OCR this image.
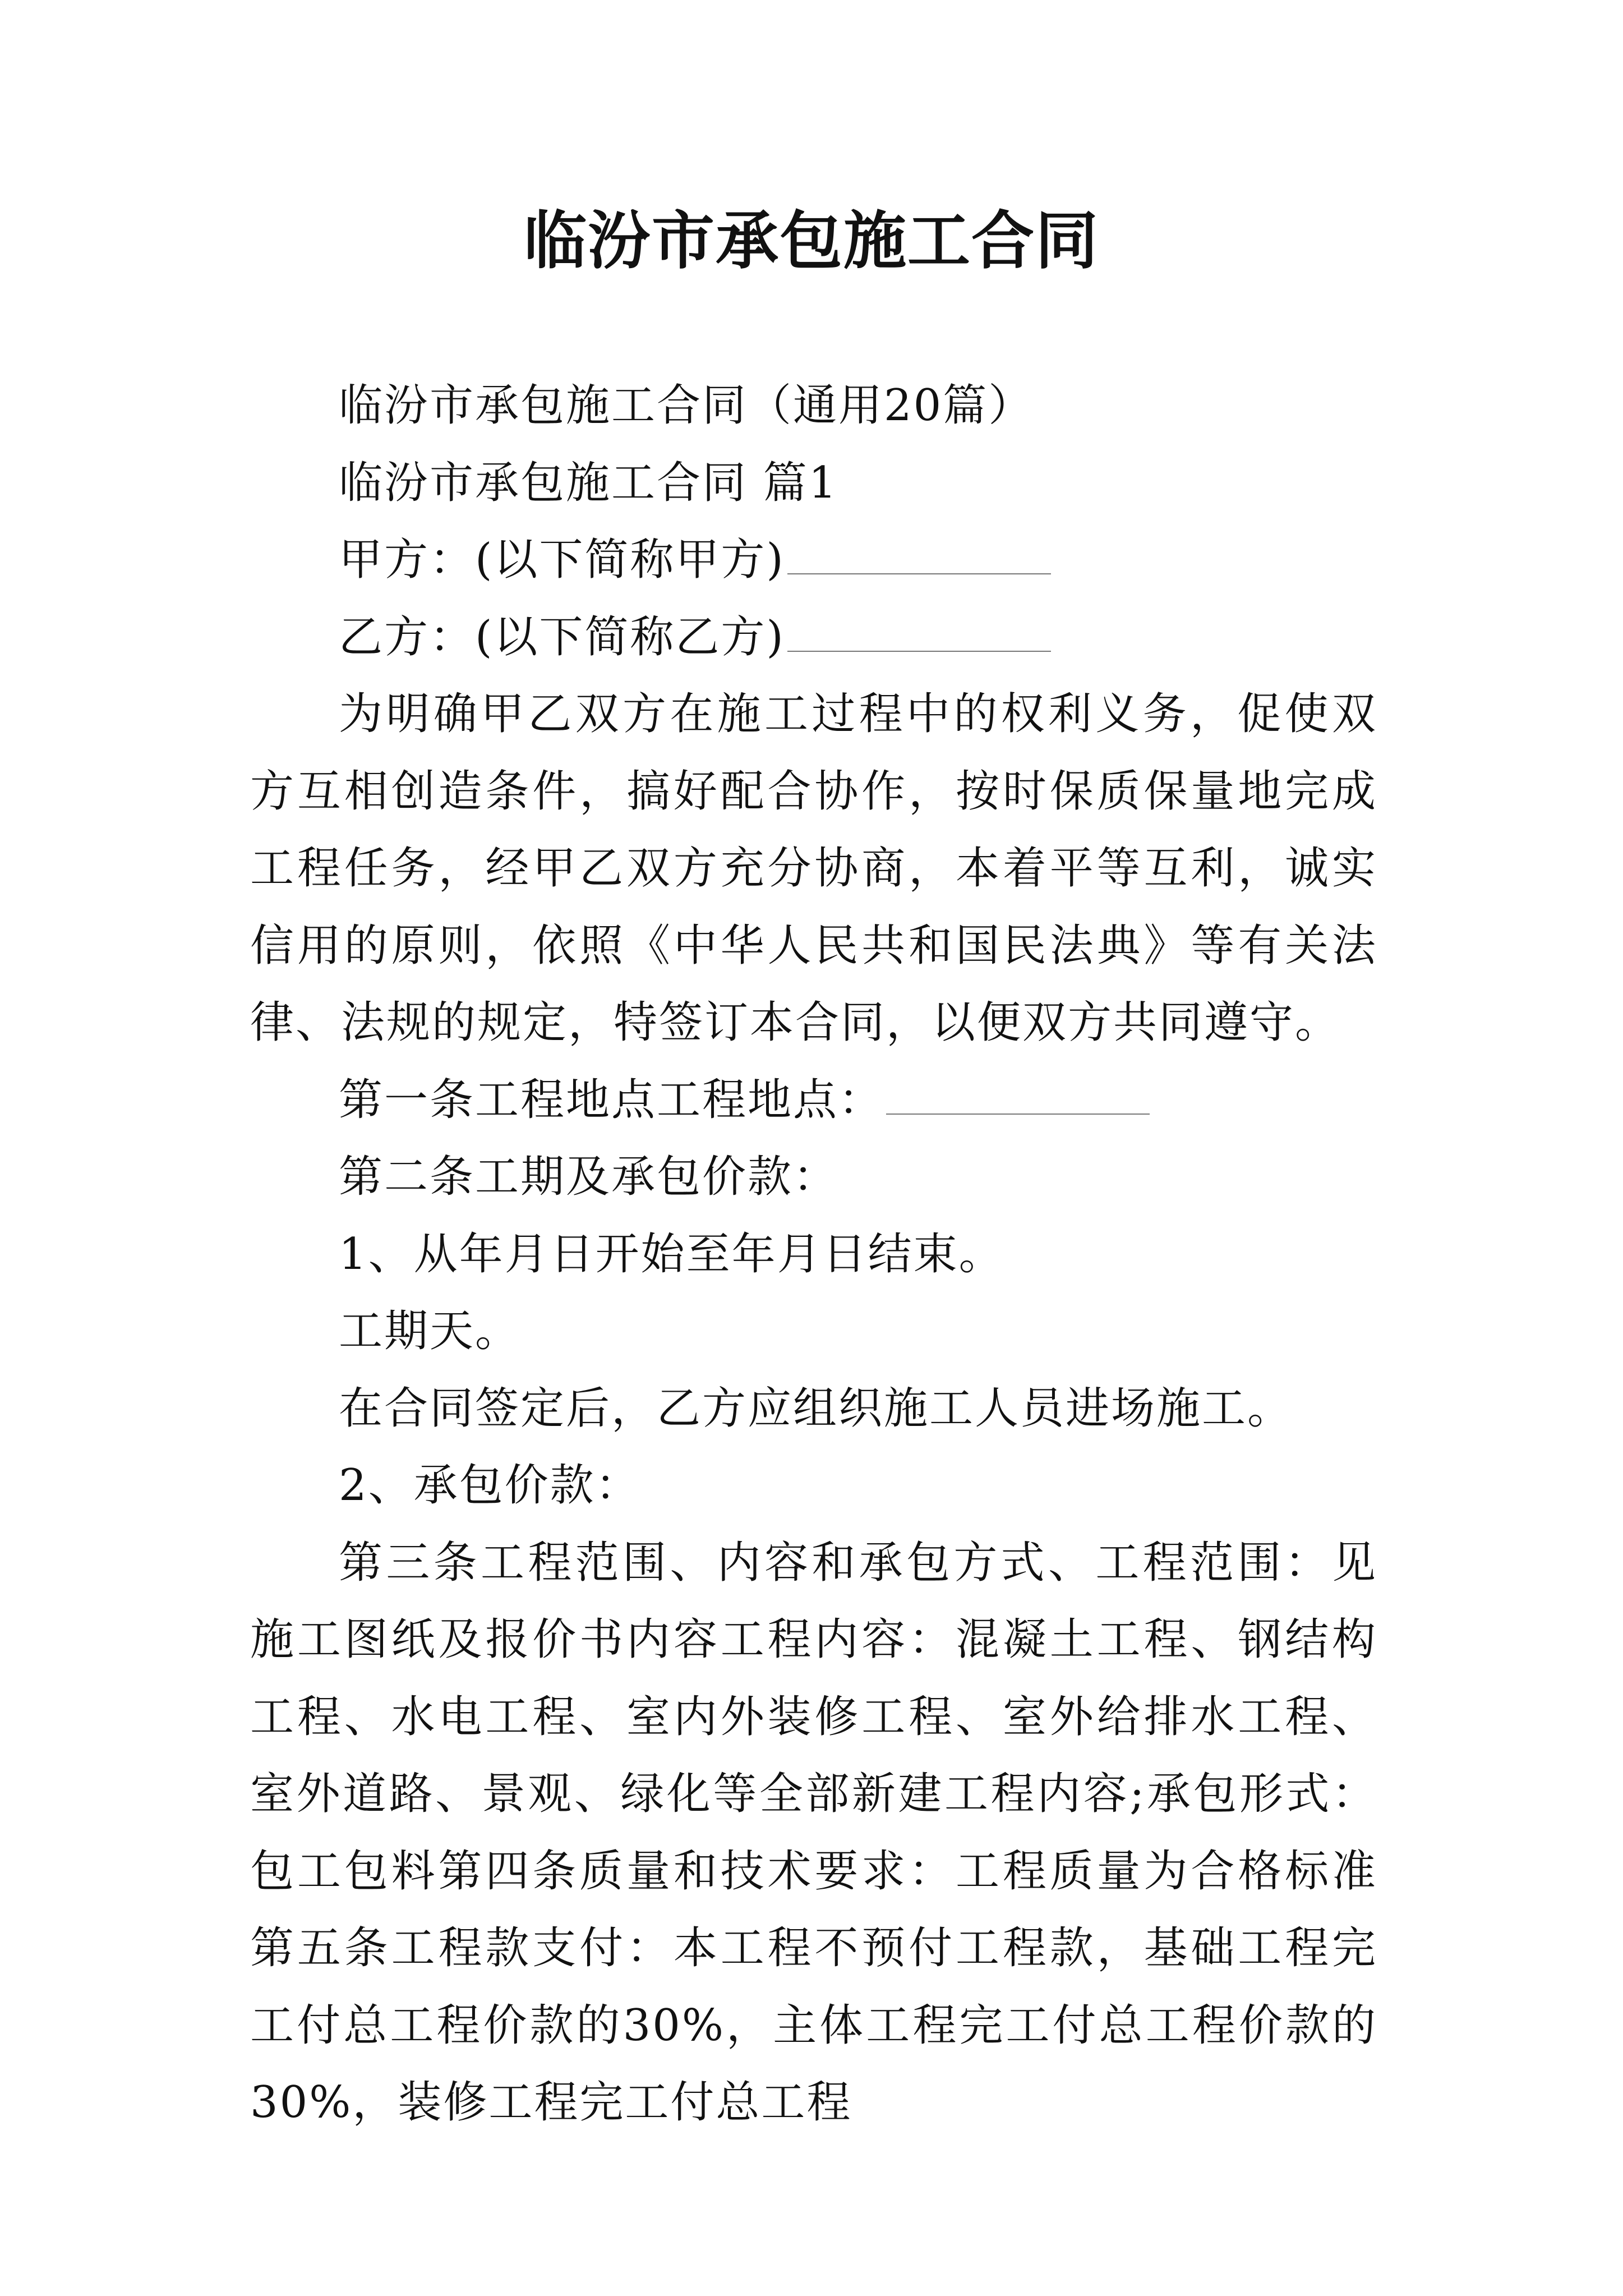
临汾市承包施工合同

临汾市承包施工合同（通用20篇）

临汾市承包施工合同 篇1

甲方：(以下简称甲方)

乙方：(以下简称乙方)

为明确甲乙双方在施工过程中的权利义务，促使双方互相创造条件，搞好配合协作，按时保质保量地完成工程任务，经甲乙双方充分协商，本着平等互利，诚实信用的原则，依照《中华人民共和国民法典》等有关法律、法规的规定，特签订本合同，以便双方共同遵守。

第一条工程地点工程地点：

第二条工期及承包价款：

1、从年月日开始至年月日结束。

工期天。

在合同签定后，乙方应组织施工人员进场施工。

2、承包价款：

第三条工程范围、内容和承包方式、工程范围：见施工图纸及报价书内容工程内容：混凝土工程、钢结构工程、水电工程、室内外装修工程、室外给排水工程、室外道路、景观、绿化等全部新建工程内容;承包形式：包工包料第四条质量和技术要求：工程质量为合格标准第五条工程款支付：本工程不预付工程款，基础工程完工付总工程价款的30%，主体工程完工付总工程价款的30%，装修工程完工付总工程
